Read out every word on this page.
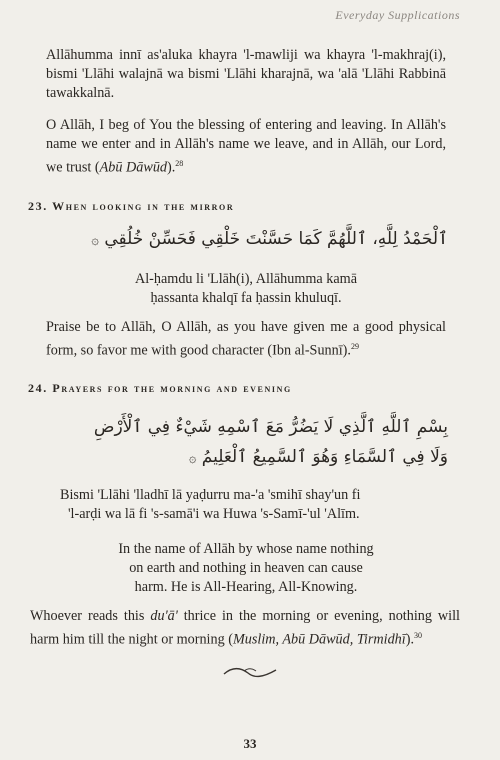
Everyday Supplications

Allāhumma innī as'aluka khayra 'l-mawliji wa khayra 'l-makhraj(i), bismi 'Llāhi walajnā wa bismi 'Llāhi kharajnā, wa 'alā 'Llāhi Rabbinā tawakkalnā.

O Allāh, I beg of You the blessing of entering and leaving. In Allāh's name we enter and in Allāh's name we leave, and in Allāh, our Lord, we trust (Abū Dāwūd).$^{28}$

23. When looking in the mirror
ٱلْحَمْدُ لِلَّهِ، ٱللَّهُمَّ كَمَا حَسَّنْتَ خَلْقِي فَحَسِّنْ خُلُقِي ۞
Al-ḥamdu li 'Llāh(i), Allāhumma kamā
ḥassanta khalqī fa ḥassin khuluqī.

Praise be to Allāh, O Allāh, as you have given me a good physical form, so favor me with good character (Ibn al-Sunnī).$^{29}$

24. Prayers for the morning and evening
بِسْمِ ٱللَّهِ ٱلَّذِي لَا يَضُرُّ مَعَ ٱسْمِهِ شَيْءٌ فِي ٱلْأَرْضِ
وَلَا فِي ٱلسَّمَاءِ وَهُوَ ٱلسَّمِيعُ ٱلْعَلِيمُ ۞
Bismi 'Llāhi 'lladhī lā yaḍurru ma-'a 'smihī shay'un fi
'l-arḍi wa lā fi 's-samā'i wa Huwa 's-Samī-'ul 'Alīm.
In the name of Allāh by whose name nothing
on earth and nothing in heaven can cause
harm. He is All-Hearing, All-Knowing.

Whoever reads this du'ā' thrice in the morning or evening, nothing will harm him till the night or morning (Muslim, Abū Dāwūd, Tirmidhī).$^{30}$

33
